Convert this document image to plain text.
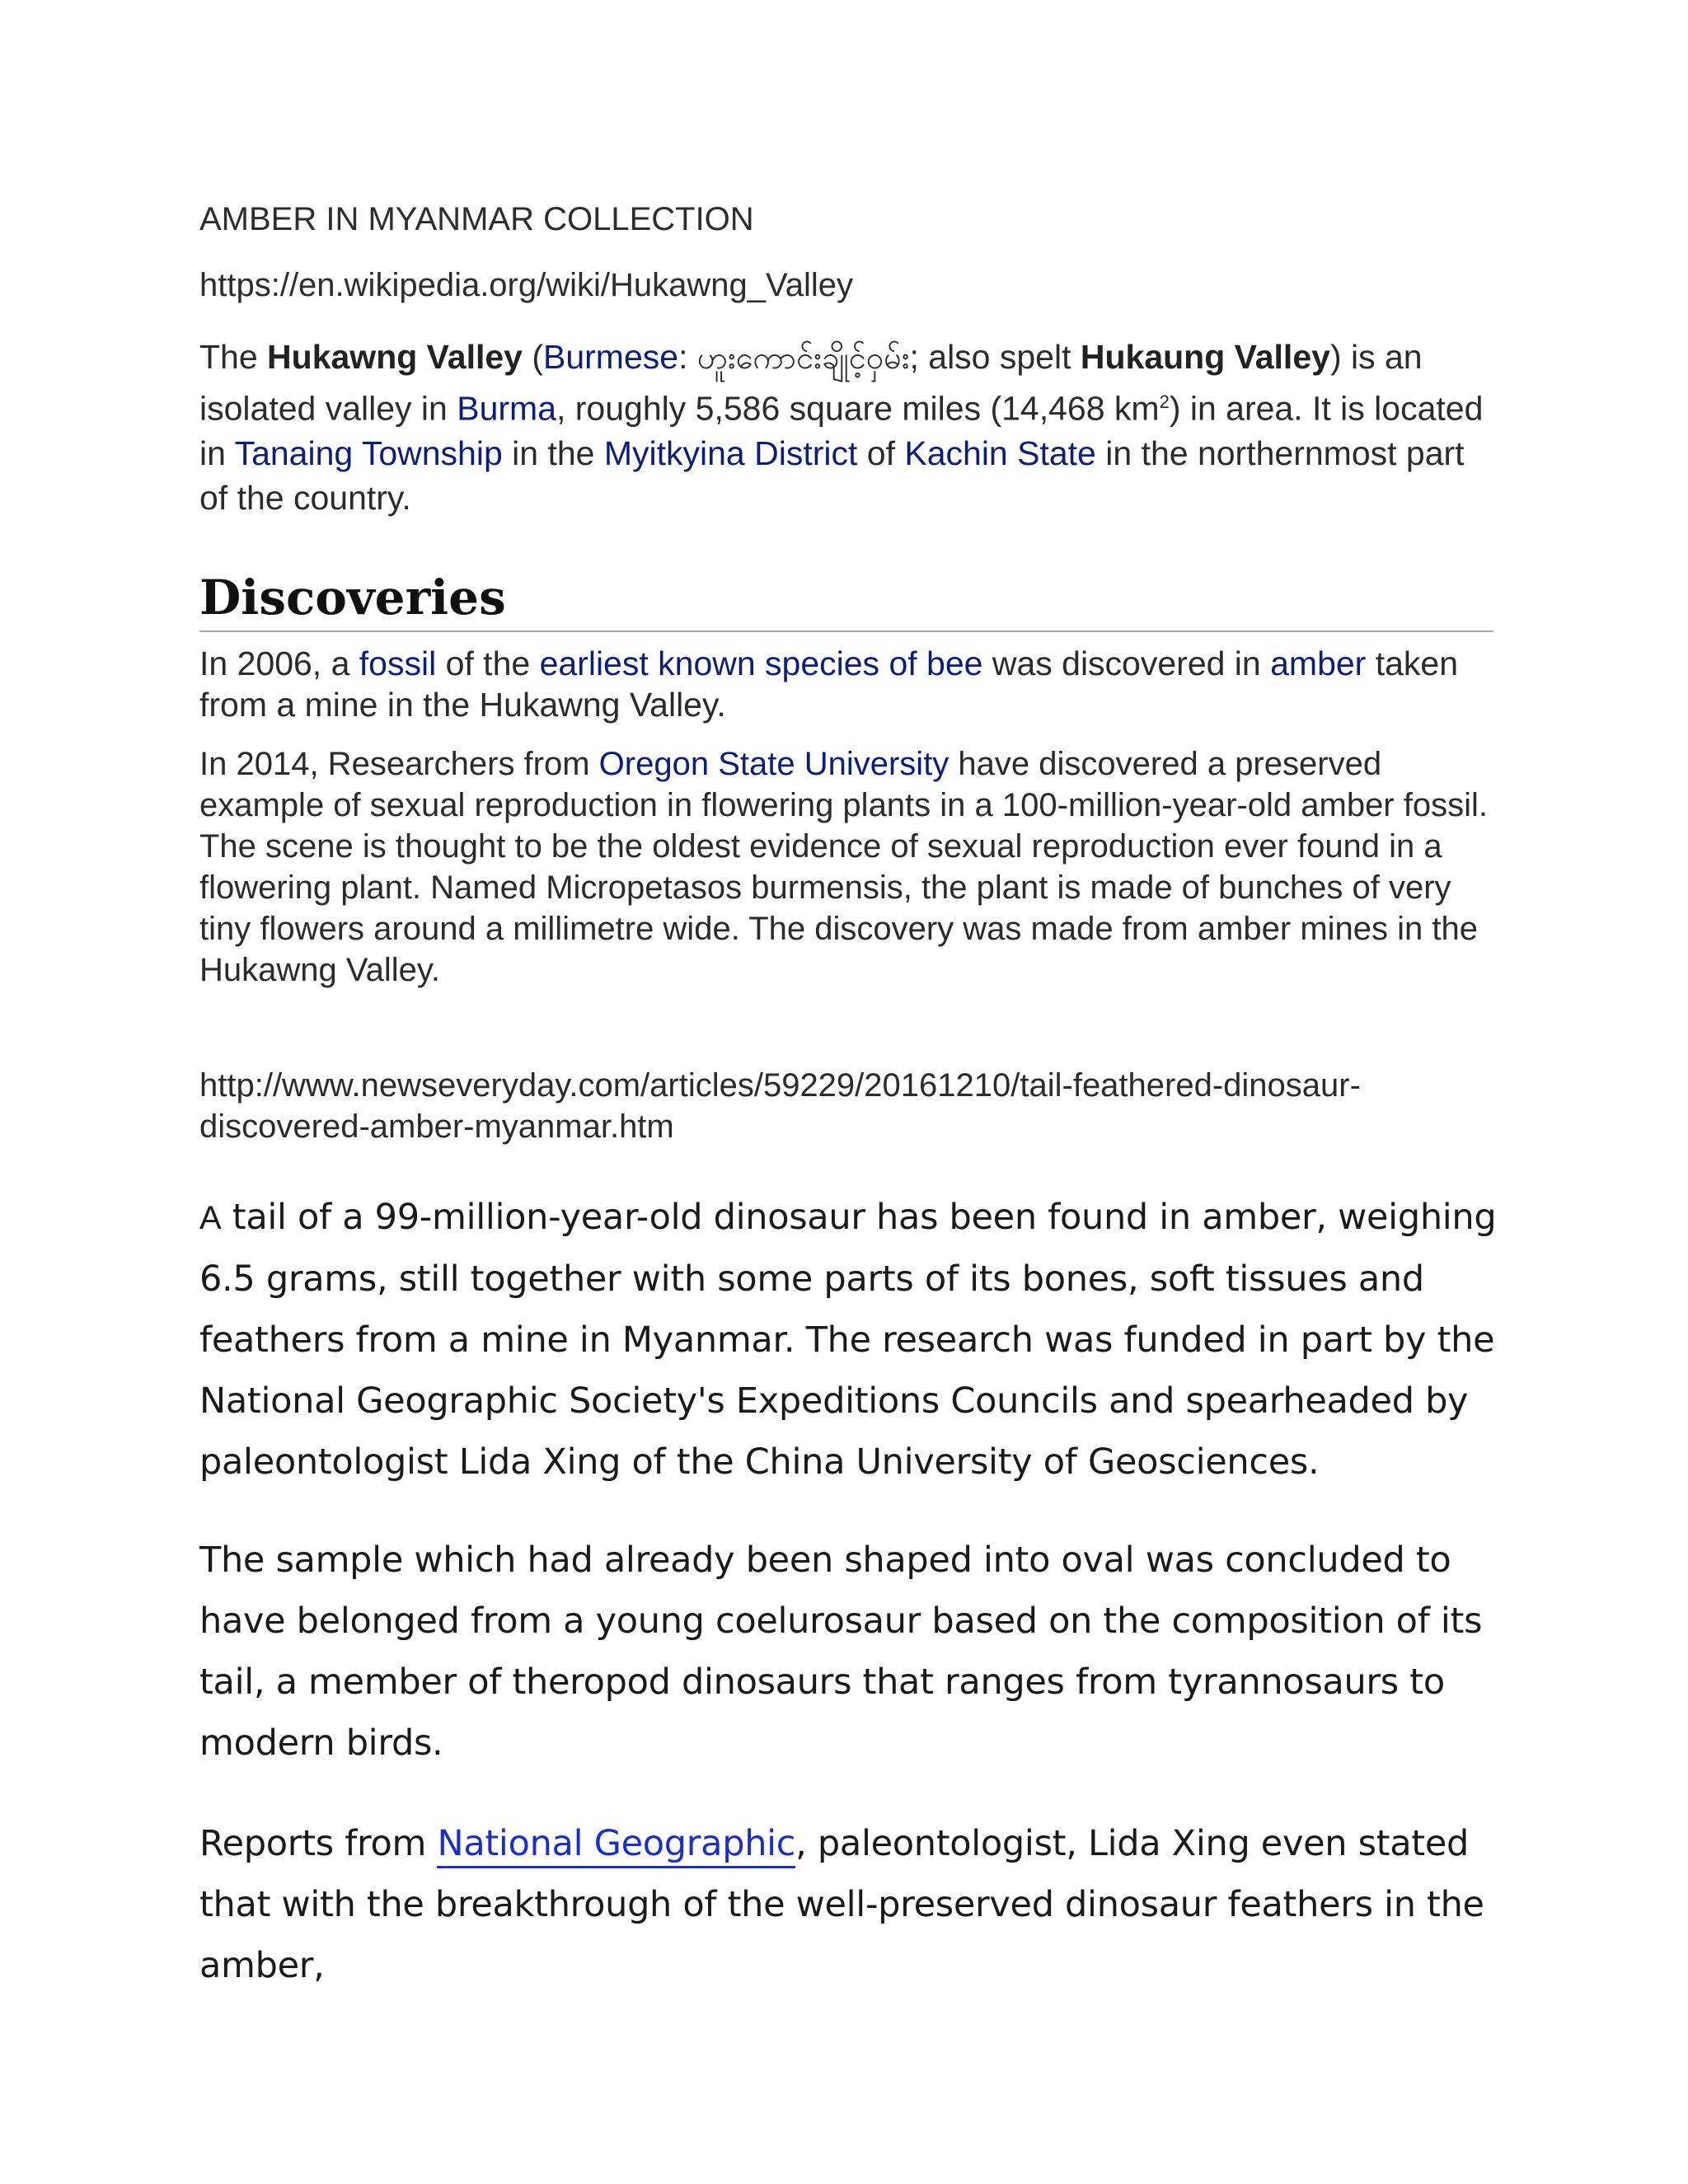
AMBER IN MYANMAR COLLECTION

https://en.wikipedia.org/wiki/Hukawng_Valley

The Hukawng Valley (Burmese: ဟူးကောင်းချိုင့်ဝှမ်း; also spelt Hukaung Valley) is an isolated valley in Burma, roughly 5,586 square miles (14,468 $km^2$) in area. It is located in Tanaing Township in the Myitkyina District of Kachin State in the northernmost part of the country.

Discoveries

In 2006, a fossil of the earliest known species of bee was discovered in amber taken from a mine in the Hukawng Valley.

In 2014, Researchers from Oregon State University have discovered a preserved example of sexual reproduction in flowering plants in a 100-million-year-old amber fossil. The scene is thought to be the oldest evidence of sexual reproduction ever found in a flowering plant. Named Micropetasos burmensis, the plant is made of bunches of very tiny flowers around a millimetre wide. The discovery was made from amber mines in the Hukawng Valley.

http://www.newseveryday.com/articles/59229/20161210/tail-feathered-dinosaur-discovered-amber-myanmar.htm

A tail of a 99-million-year-old dinosaur has been found in amber, weighing 6.5 grams, still together with some parts of its bones, soft tissues and feathers from a mine in Myanmar. The research was funded in part by the National Geographic Society's Expeditions Councils and spearheaded by paleontologist Lida Xing of the China University of Geosciences.

The sample which had already been shaped into oval was concluded to have belonged from a young coelurosaur based on the composition of its tail, a member of theropod dinosaurs that ranges from tyrannosaurs to modern birds.

Reports from National Geographic, paleontologist, Lida Xing even stated that with the breakthrough of the well-preserved dinosaur feathers in the amber,
